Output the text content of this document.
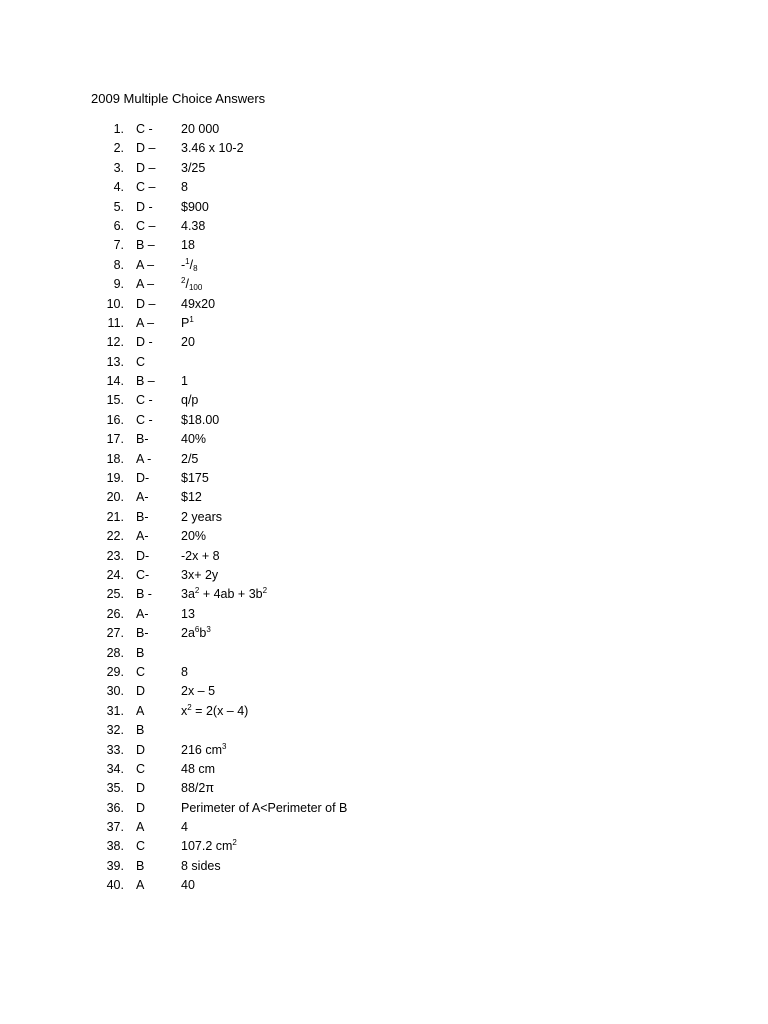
2009 Multiple Choice Answers
1. C - 20 000
2. D – 3.46 x 10-2
3. D – 3/25
4. C – 8
5. D - $900
6. C – 4.38
7. B – 18
8. A – $-^1/_8$
9. A –	$^2/_{100}$
10. D – 49x20
11. A – $P^1$
12. D - 20
13. C
14. B – 1
15. C - q/p
16. C - $18.00
17. B-	40%
18. A - 2/5
19. D-	$175
20. A-	$12
21. B-	2 years
22. A-	20%
23. D-	-2x + 8
24. C-	3x+ 2y
25. $B - 3a^2 + 4ab + 3b^2$
26. A-	13
27. B-	$2a^6b^3$
28. B
29. C	8
30. D	2x – 5
31. A	$x^2 = 2(x - 4)$
32. B
33. D	216 $cm^3$
34. C	48 cm
35. D	88/2π
36. D	Perimeter of A<Perimeter of B
37. A	4
38. C	107.2 $cm^2$
39. B	8 sides
40. A	40
